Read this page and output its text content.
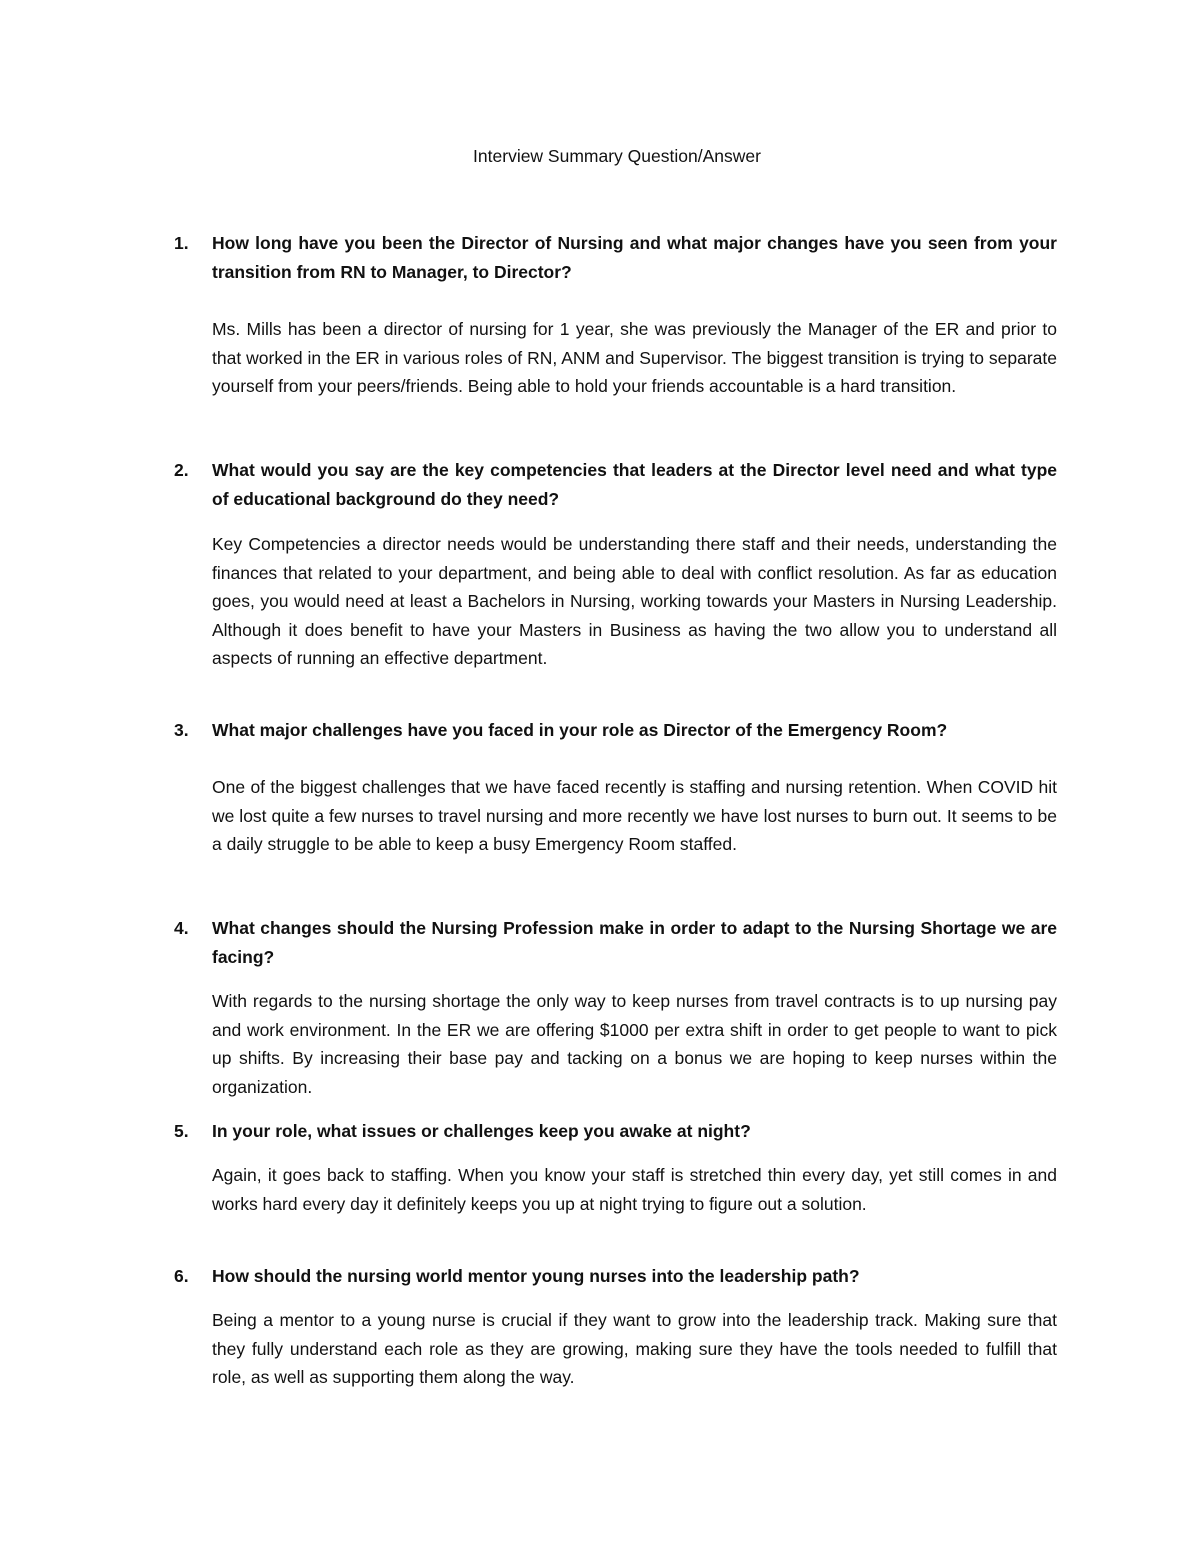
Interview Summary Question/Answer
1. How long have you been the Director of Nursing and what major changes have you seen from your transition from RN to Manager, to Director?

Ms. Mills has been a director of nursing for 1 year, she was previously the Manager of the ER and prior to that worked in the ER in various roles of RN, ANM and Supervisor. The biggest transition is trying to separate yourself from your peers/friends. Being able to hold your friends accountable is a hard transition.

2. What would you say are the key competencies that leaders at the Director level need and what type of educational background do they need?

Key Competencies a director needs would be understanding there staff and their needs, understanding the finances that related to your department, and being able to deal with conflict resolution. As far as education goes, you would need at least a Bachelors in Nursing, working towards your Masters in Nursing Leadership. Although it does benefit to have your Masters in Business as having the two allow you to understand all aspects of running an effective department.

3. What major challenges have you faced in your role as Director of the Emergency Room?

One of the biggest challenges that we have faced recently is staffing and nursing retention. When COVID hit we lost quite a few nurses to travel nursing and more recently we have lost nurses to burn out. It seems to be a daily struggle to be able to keep a busy Emergency Room staffed.

4. What changes should the Nursing Profession make in order to adapt to the Nursing Shortage we are facing?

With regards to the nursing shortage the only way to keep nurses from travel contracts is to up nursing pay and work environment. In the ER we are offering $1000 per extra shift in order to get people to want to pick up shifts. By increasing their base pay and tacking on a bonus we are hoping to keep nurses within the organization.

5. In your role, what issues or challenges keep you awake at night?

Again, it goes back to staffing. When you know your staff is stretched thin every day, yet still comes in and works hard every day it definitely keeps you up at night trying to figure out a solution.

6. How should the nursing world mentor young nurses into the leadership path?

Being a mentor to a young nurse is crucial if they want to grow into the leadership track. Making sure that they fully understand each role as they are growing, making sure they have the tools needed to fulfill that role, as well as supporting them along the way.
